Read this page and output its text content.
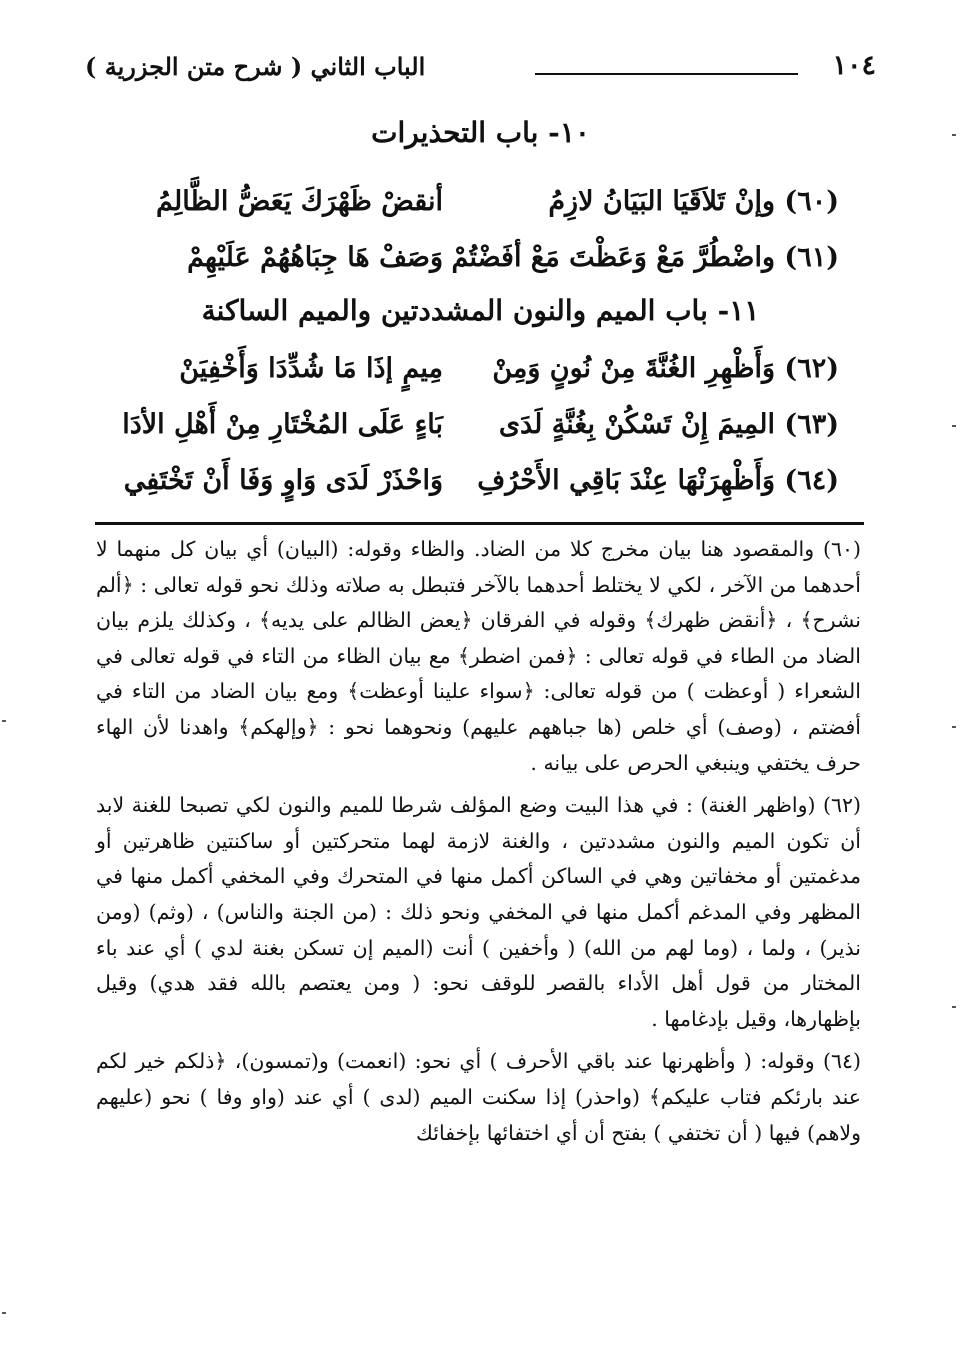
١٠٤
الباب الثاني ( شرح متن الجزرية )
١٠- باب التحذيرات
(٦٠) وإنْ تَلاَقَيَا البَيَانُ لازِمُ
أنقضْ ظَهْرَكَ يَعَضُّ الظَّالِمُ
(٦١) واضْطُرَّ مَعْ وَعَظْتَ مَعْ أفَضْتُمْ
وَصَفْ هَا جِبَاهُهُمْ عَلَيْهِمْ
١١- باب الميم والنون المشددتين والميم الساكنة
(٦٢) وَأَظْهِرِ الغُنَّةَ مِنْ نُونٍ وَمِنْ
مِيمٍ إذَا مَا شُدِّدَا وَأَخْفِيَنْ
(٦٣) المِيمَ إِنْ تَسْكُنْ بِغُنَّةٍ لَدَى
بَاءٍ عَلَى المُخْتَارِ مِنْ أَهْلِ الأدَا
(٦٤) وَأَظْهِرَنْهَا عِنْدَ بَاقِي الأَحْرُفِ
وَاحْذَرْ لَدَى وَاوٍ وَفَا أَنْ تَخْتَفِي

(٦٠) والمقصود هنا بيان مخرج كلا من الضاد. والظاء وقوله: (البيان) أي بيان كل منهما لا أحدهما من الآخر ، لكي لا يختلط أحدهما بالآخر فتبطل به صلاته وذلك نحو قوله تعالى : ﴿ألم نشرح﴾ ، ﴿أنقض ظهرك﴾ وقوله في الفرقان ﴿يعض الظالم على يديه﴾ ، وكذلك يلزم بيان الضاد من الطاء في قوله تعالى : ﴿فمن اضطر﴾ مع بيان الظاء من التاء في قوله تعالى في الشعراء ( أوعظت ) من قوله تعالى: ﴿سواء علينا أوعظت﴾ ومع بيان الضاد من التاء في أفضتم ، (وصف) أي خلص (ها جباههم عليهم) ونحوهما نحو : ﴿وإلهكم﴾ واهدنا لأن الهاء حرف يختفي وينبغي الحرص على بيانه .

(٦٢) (واظهر الغنة) : في هذا البيت وضع المؤلف شرطا للميم والنون لكي تصبحا للغنة لابد أن تكون الميم والنون مشددتين ، والغنة لازمة لهما متحركتين أو ساكنتين ظاهرتين أو مدغمتين أو مخفاتين وهي في الساكن أكمل منها في المتحرك وفي المخفي أكمل منها في المظهر وفي المدغم أكمل منها في المخفي ونحو ذلك : (من الجنة والناس) ، (وثم) (ومن نذير) ، ولما ، (وما لهم من الله) ( وأخفين ) أنت (الميم إن تسكن بغنة لدي ) أي عند باء المختار من قول أهل الأداء بالقصر للوقف نحو: ( ومن يعتصم بالله فقد هدي) وقيل بإظهارها، وقيل بإدغامها .

(٦٤) وقوله: ( وأظهرنها عند باقي الأحرف ) أي نحو: (انعمت) و(تمسون)، ﴿ذلكم خير لكم عند بارئكم فتاب عليكم﴾ (واحذر) إذا سكنت الميم (لدى ) أي عند (واو وفا ) نحو (عليهم ولاهم) فيها ( أن تختفي ) بفتح أن أي اختفائها بإخفائك
